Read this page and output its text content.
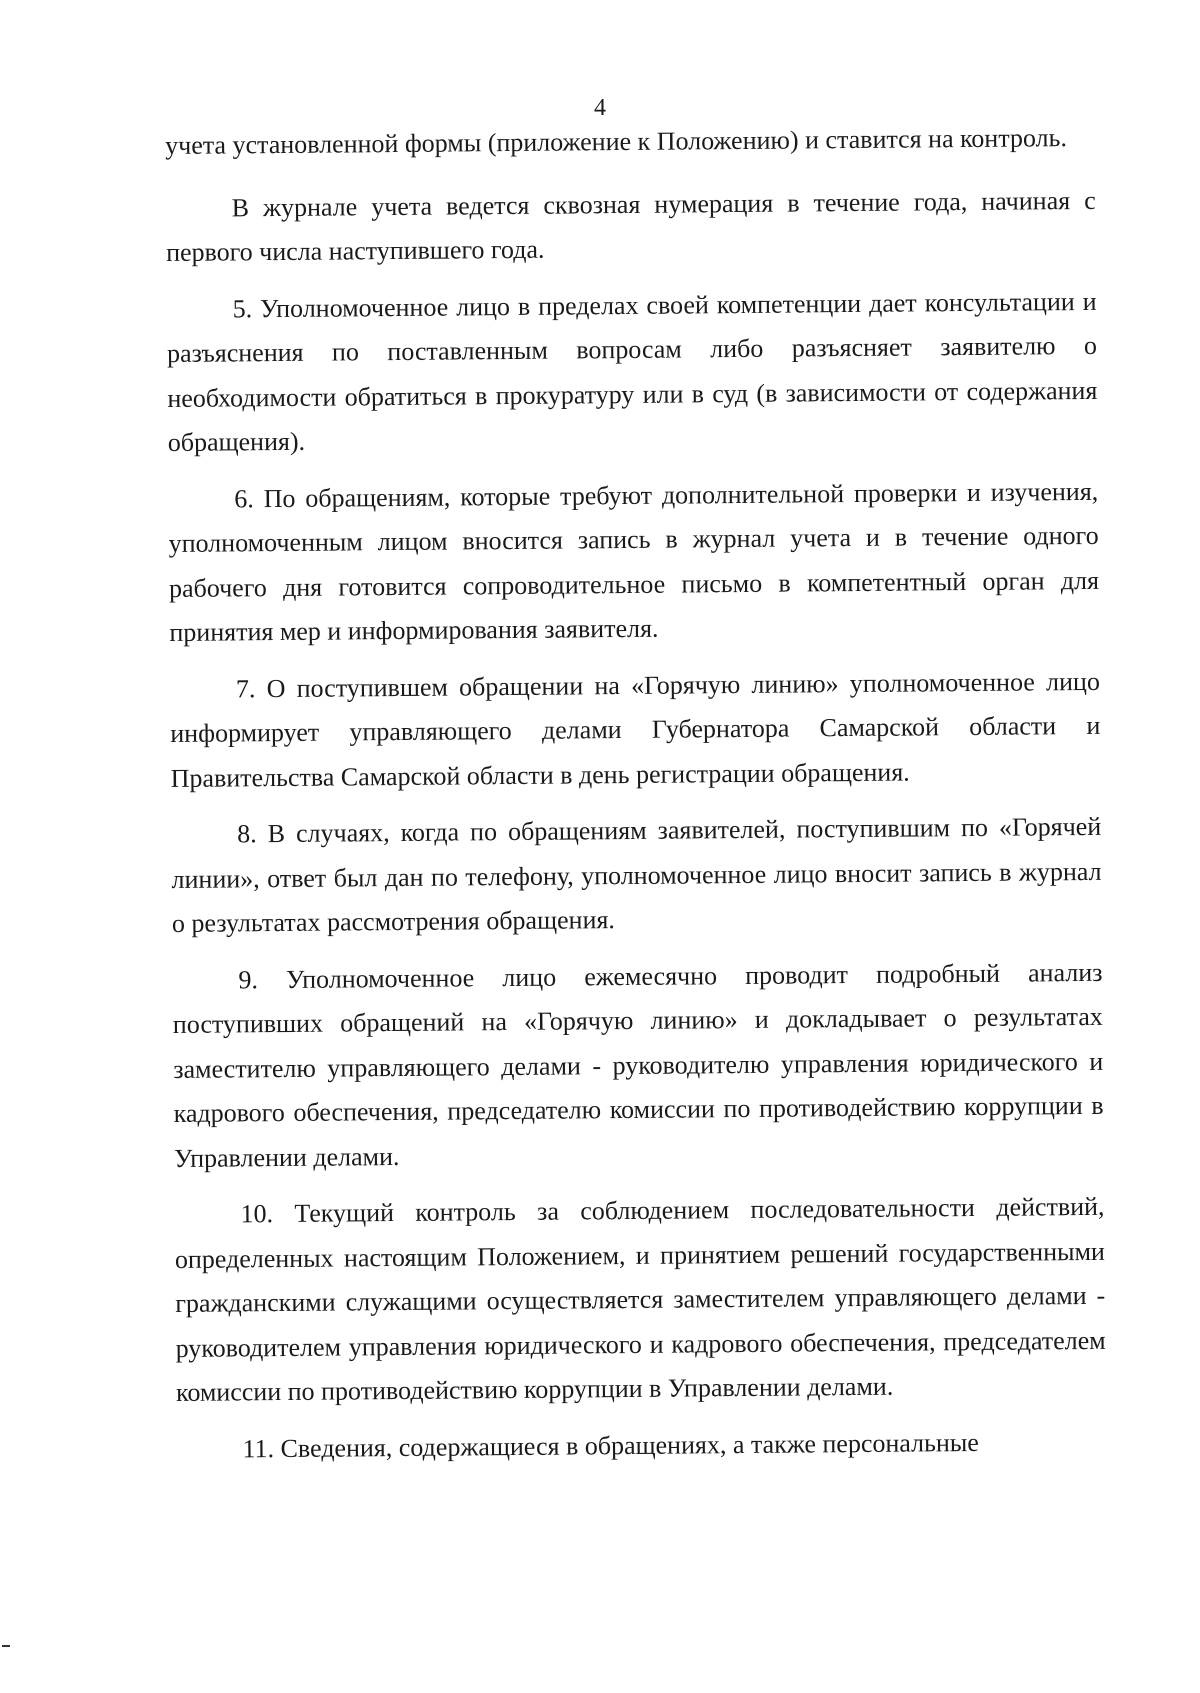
4

учета установленной формы (приложение к Положению) и ставится на контроль.

В журнале учета ведется сквозная нумерация в течение года, начиная с первого числа наступившего года.

5. Уполномоченное лицо в пределах своей компетенции дает консультации и разъяснения по поставленным вопросам либо разъясняет заявителю о необходимости обратиться в прокуратуру или в суд (в зависимости от содержания обращения).

6. По обращениям, которые требуют дополнительной проверки и изучения, уполномоченным лицом вносится запись в журнал учета и в течение одного рабочего дня готовится сопроводительное письмо в компетентный орган для принятия мер и информирования заявителя.

7. О поступившем обращении на «Горячую линию» уполномоченное лицо информирует управляющего делами Губернатора Самарской области и Правительства Самарской области в день регистрации обращения.

8. В случаях, когда по обращениям заявителей, поступившим по «Горячей линии», ответ был дан по телефону, уполномоченное лицо вносит запись в журнал о результатах рассмотрения обращения.

9. Уполномоченное лицо ежемесячно проводит подробный анализ поступивших обращений на «Горячую линию» и докладывает о результатах заместителю управляющего делами - руководителю управления юридического и кадрового обеспечения, председателю комиссии по противодействию коррупции в Управлении делами.

10. Текущий контроль за соблюдением последовательности действий, определенных настоящим Положением, и принятием решений государственными гражданскими служащими осуществляется заместителем управляющего делами - руководителем управления юридического и кадрового обеспечения, председателем комиссии по противодействию коррупции в Управлении делами.

11. Сведения, содержащиеся в обращениях, а также персональные
